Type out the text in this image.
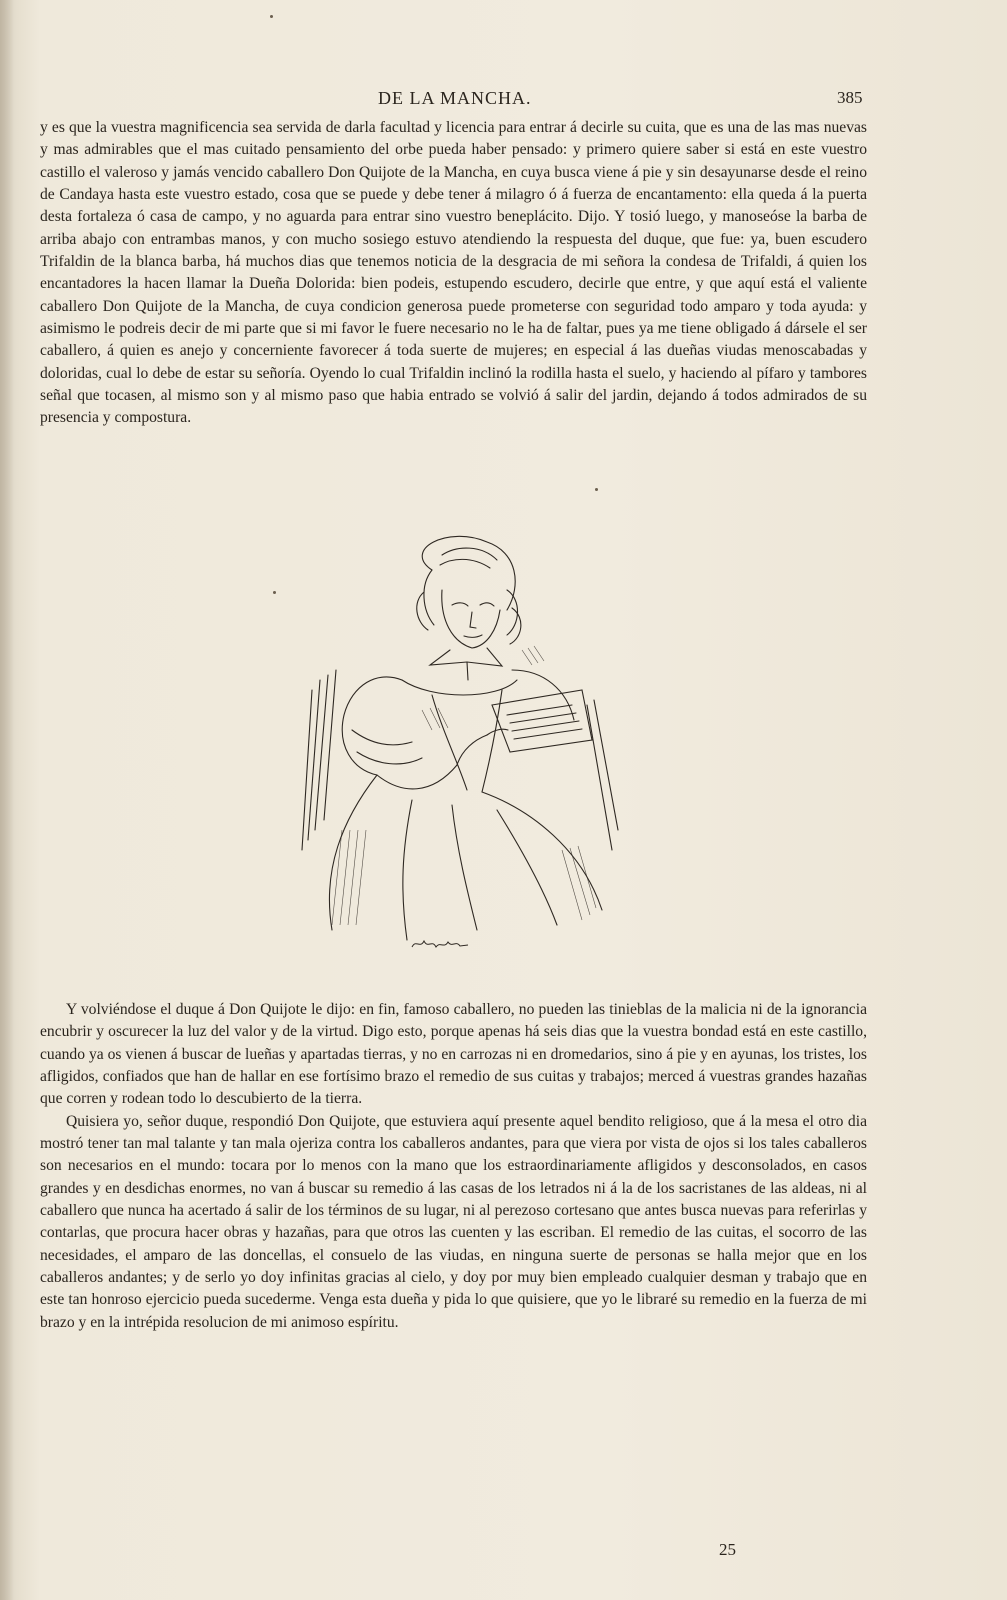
DE LA MANCHA.	385

y es que la vuestra magnificencia sea servida de darla facultad y licencia para entrar á decirle su cuita, que es una de las mas nuevas y mas admirables que el mas cuitado pensamiento del orbe pueda haber pensado: y primero quiere saber si está en este vuestro castillo el valeroso y jamás vencido caballero Don Quijote de la Mancha, en cuya busca viene á pie y sin desayunarse desde el reino de Candaya hasta este vuestro estado, cosa que se puede y debe tener á milagro ó á fuerza de encantamento: ella queda á la puerta desta fortaleza ó casa de campo, y no aguarda para entrar sino vuestro beneplácito. Dijo. Y tosió luego, y manoseóse la barba de arriba abajo con entrambas manos, y con mucho sosiego estuvo atendiendo la respuesta del duque, que fue: ya, buen escudero Trifaldin de la blanca barba, há muchos dias que tenemos noticia de la desgracia de mi señora la condesa de Trifaldi, á quien los encantadores la hacen llamar la Dueña Dolorida: bien podeis, estupendo escudero, decirle que entre, y que aquí está el valiente caballero Don Quijote de la Mancha, de cuya condicion generosa puede prometerse con seguridad todo amparo y toda ayuda: y asimismo le podreis decir de mi parte que si mi favor le fuere necesario no le ha de faltar, pues ya me tiene obligado á dársele el ser caballero, á quien es anejo y concerniente favorecer á toda suerte de mujeres; en especial á las dueñas viudas menoscabadas y doloridas, cual lo debe de estar su señoría. Oyendo lo cual Trifaldin inclinó la rodilla hasta el suelo, y haciendo al pífaro y tambores señal que tocasen, al mismo son y al mismo paso que habia entrado se volvió á salir del jardin, dejando á todos admirados de su presencia y compostura.

Y volviéndose el duque á Don Quijote le dijo: en fin, famoso caballero, no pueden las tinieblas de la malicia ni de la ignorancia encubrir y oscurecer la luz del valor y de la virtud. Digo esto, porque apenas há seis dias que la vuestra bondad está en este castillo, cuando ya os vienen á buscar de lueñas y apartadas tierras, y no en carrozas ni en dromedarios, sino á pie y en ayunas, los tristes, los afligidos, confiados que han de hallar en ese fortísimo brazo el remedio de sus cuitas y trabajos; merced á vuestras grandes hazañas que corren y rodean todo lo descubierto de la tierra.

Quisiera yo, señor duque, respondió Don Quijote, que estuviera aquí presente aquel bendito religioso, que á la mesa el otro dia mostró tener tan mal talante y tan mala ojeriza contra los caballeros andantes, para que viera por vista de ojos si los tales caballeros son necesarios en el mundo: tocara por lo menos con la mano que los estraordinariamente afligidos y desconsolados, en casos grandes y en desdichas enormes, no van á buscar su remedio á las casas de los letrados ni á la de los sacristanes de las aldeas, ni al caballero que nunca ha acertado á salir de los términos de su lugar, ni al perezoso cortesano que antes busca nuevas para referirlas y contarlas, que procura hacer obras y hazañas, para que otros las cuenten y las escriban. El remedio de las cuitas, el socorro de las necesidades, el amparo de las doncellas, el consuelo de las viudas, en ninguna suerte de personas se halla mejor que en los caballeros andantes; y de serlo yo doy infinitas gracias al cielo, y doy por muy bien empleado cualquier desman y trabajo que en este tan honroso ejercicio pueda sucederme. Venga esta dueña y pida lo que quisiere, que yo le libraré su remedio en la fuerza de mi brazo y en la intrépida resolucion de mi animoso espíritu.

25
